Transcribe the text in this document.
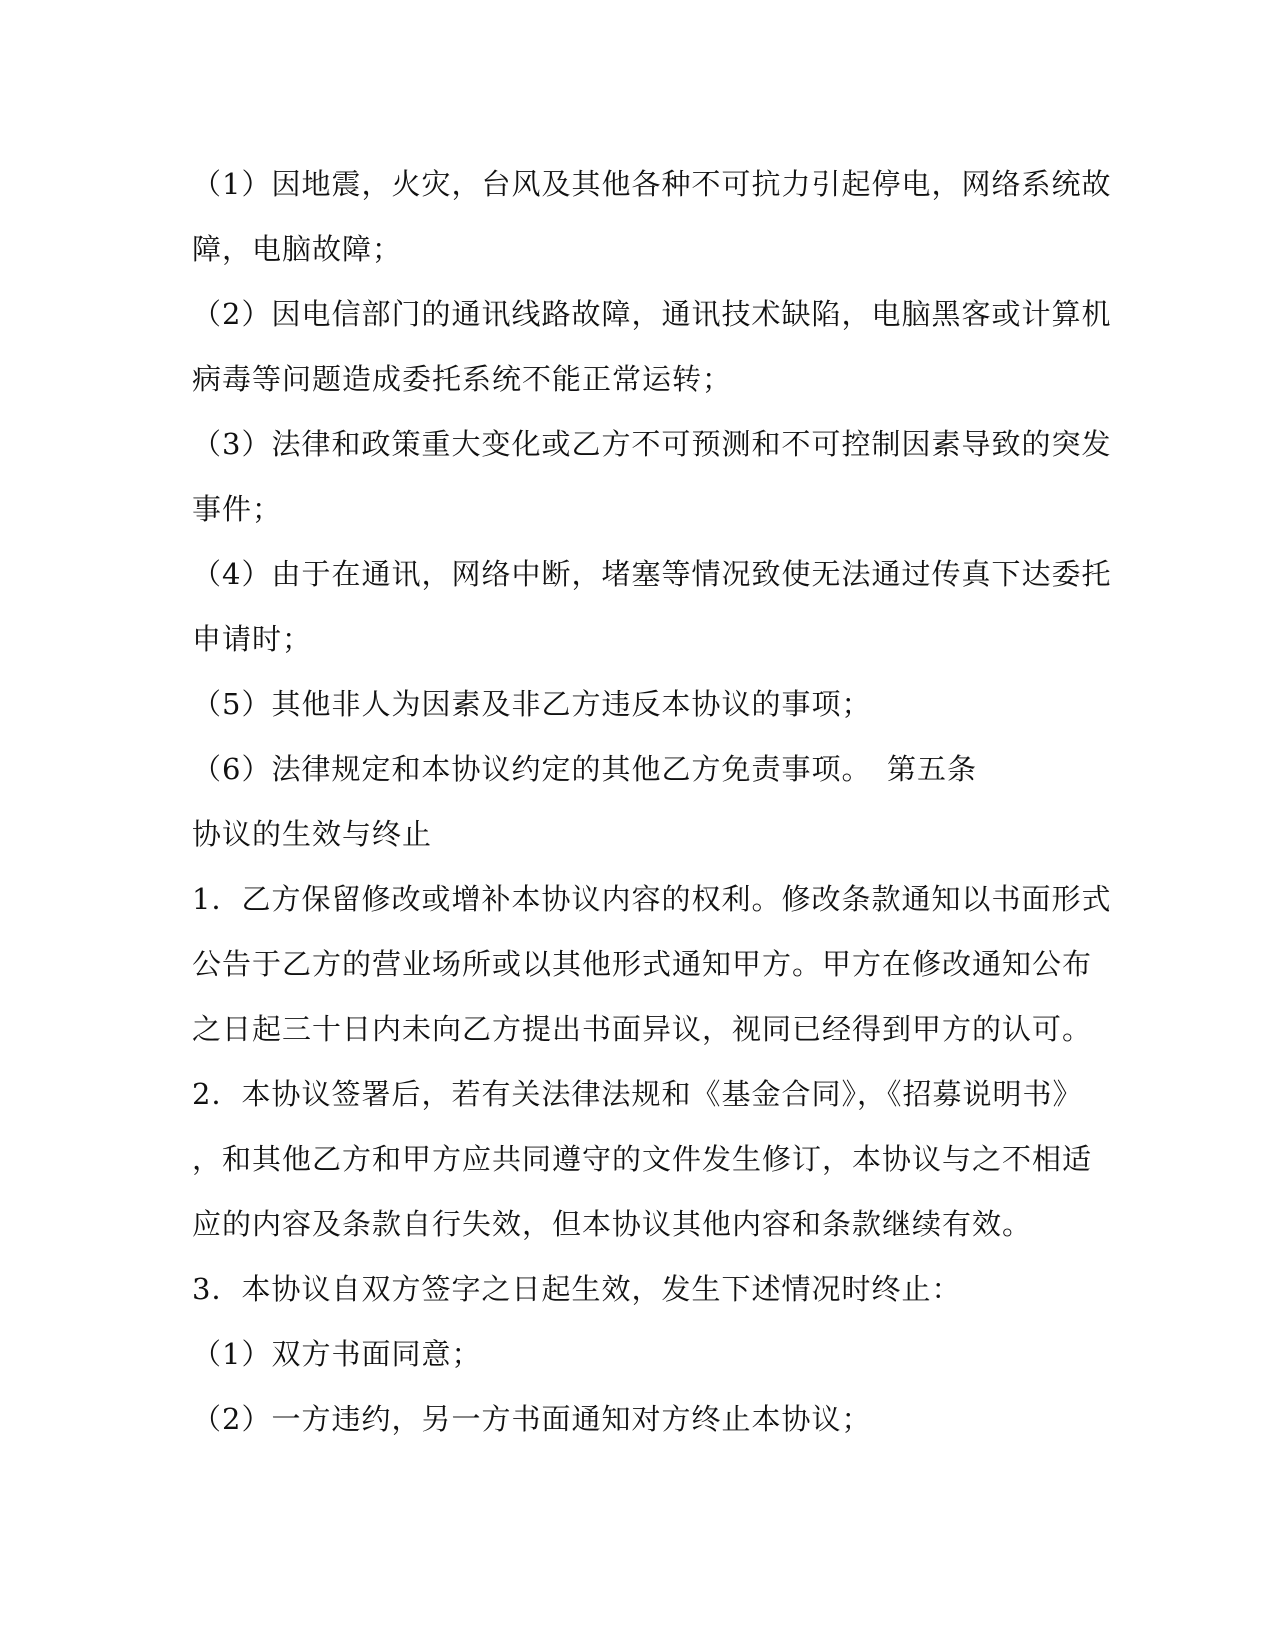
（1）因地震，火灾，台风及其他各种不可抗力引起停电，网络系统故
障，电脑故障；
（2）因电信部门的通讯线路故障，通讯技术缺陷，电脑黑客或计算机
病毒等问题造成委托系统不能正常运转；
（3）法律和政策重大变化或乙方不可预测和不可控制因素导致的突发
事件；
（4）由于在通讯，网络中断，堵塞等情况致使无法通过传真下达委托
申请时；
（5）其他非人为因素及非乙方违反本协议的事项；
（6）法律规定和本协议约定的其他乙方免责事项。　第五条
协议的生效与终止
1．乙方保留修改或增补本协议内容的权利。修改条款通知以书面形式
公告于乙方的营业场所或以其他形式通知甲方。甲方在修改通知公布
之日起三十日内未向乙方提出书面异议，视同已经得到甲方的认可。
2．本协议签署后，若有关法律法规和《基金合同》，《招募说明书》
，和其他乙方和甲方应共同遵守的文件发生修订，本协议与之不相适
应的内容及条款自行失效，但本协议其他内容和条款继续有效。
3．本协议自双方签字之日起生效，发生下述情况时终止：
（1）双方书面同意；
（2）一方违约，另一方书面通知对方终止本协议；
